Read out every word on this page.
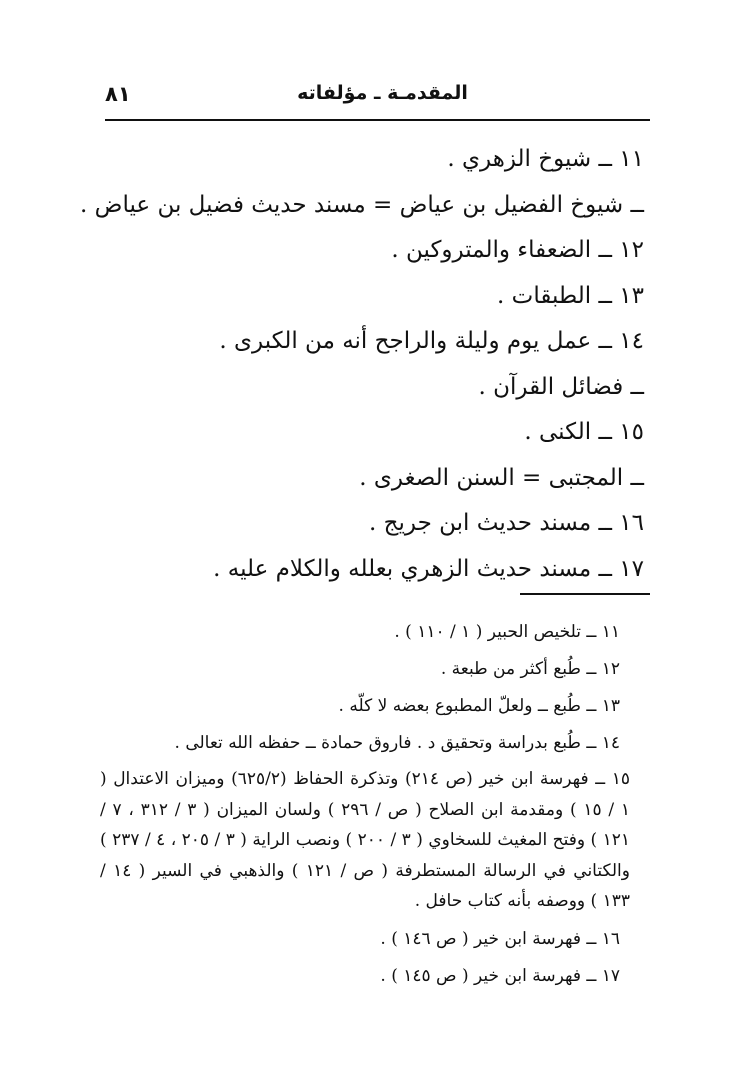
٨١	المقدمـة ـ مؤلفاته
١١ ــ شيوخ الزهري .
ــ شيوخ الفضيل بن عياض = مسند حديث فضيل بن عياض .
١٢ ــ الضعفاء والمتروكين .
١٣ ــ الطبقات .
١٤ ــ عمل يوم وليلة والراجح أنه من الكبرى .
ــ فضائل القرآن .
١٥ ــ الكنى .
ــ المجتبى = السنن الصغرى .
١٦ ــ مسند حديث ابن جريج .
١٧ ــ مسند حديث الزهري بعلله والكلام عليه .
١١ ــ تلخيص الحبير ( ١ / ١١٠ ) .
١٢ ــ طُبع أكثر من طبعة .
١٣ ــ طُبع ــ ولعلّ المطبوع بعضه لا كلّه .
١٤ ــ طُبع بدراسة وتحقيق د . فاروق حمادة ــ حفظه الله تعالى .
١٥ ــ فهرسة ابن خير (ص ٢١٤) وتذكرة الحفاظ (٦٢٥/٢) وميزان الاعتدال ( ١ / ١٥ ) ومقدمة ابن الصلاح ( ص / ٢٩٦ ) ولسان الميزان ( ٣ / ٣١٢ ، ٧ / ١٢١ ) وفتح المغيث للسخاوي ( ٣ / ٢٠٠ ) ونصب الراية ( ٣ / ٢٠٥ ، ٤ / ٢٣٧ ) والكتاني في الرسالة المستطرفة ( ص / ١٢١ ) والذهبي في السير ( ١٤ / ١٣٣ ) ووصفه بأنه كتاب حافل .
١٦ ــ فهرسة ابن خير ( ص ١٤٦ ) .
١٧ ــ فهرسة ابن خير ( ص ١٤٥ ) .
